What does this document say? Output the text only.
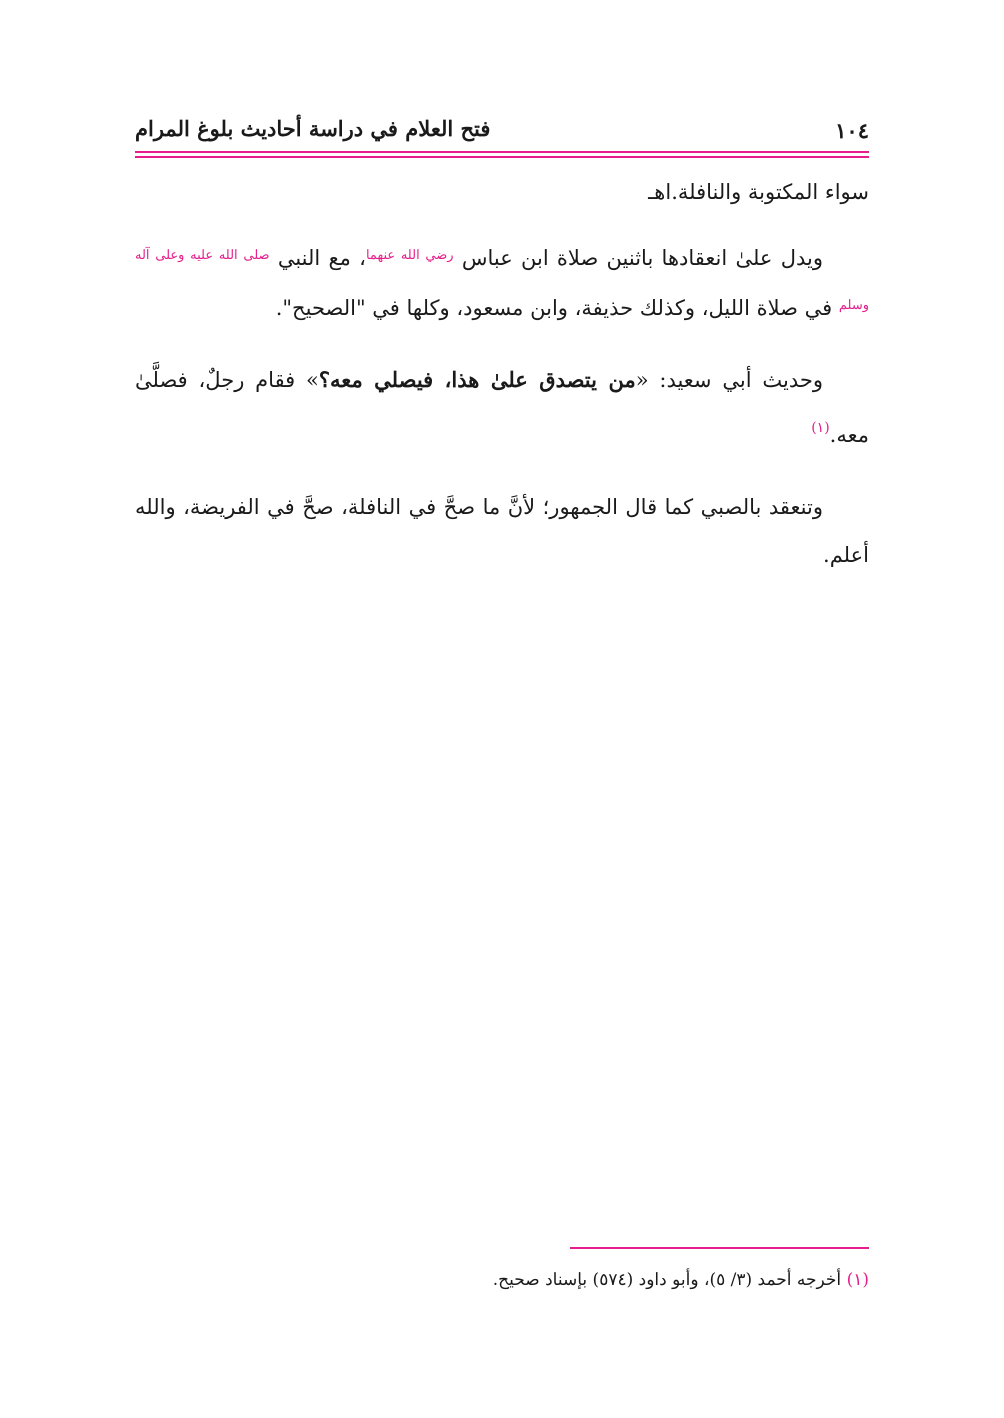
١٠٤
فتح العلام في دراسة أحاديث بلوغ المرام

سواء المكتوبة والنافلة.اهـ

ويدل علىٰ انعقادها باثنين صلاة ابن عباس $^{رضي الله عنهما}$، مع النبي $^{صلى الله عليه وعلى آله وسلم}$ في صلاة الليل، وكذلك حذيفة، وابن مسعود، وكلها في "الصحيح".

وحديث أبي سعيد: «من يتصدق علىٰ هذا، فيصلي معه؟» فقام رجلٌ، فصلَّىٰ معه.$^{(١)}$

وتنعقد بالصبي كما قال الجمهور؛ لأنَّ ما صحَّ في النافلة، صحَّ في الفريضة، والله أعلم.

(١) أخرجه أحمد (٣/ ٥)، وأبو داود (٥٧٤) بإسناد صحيح.
